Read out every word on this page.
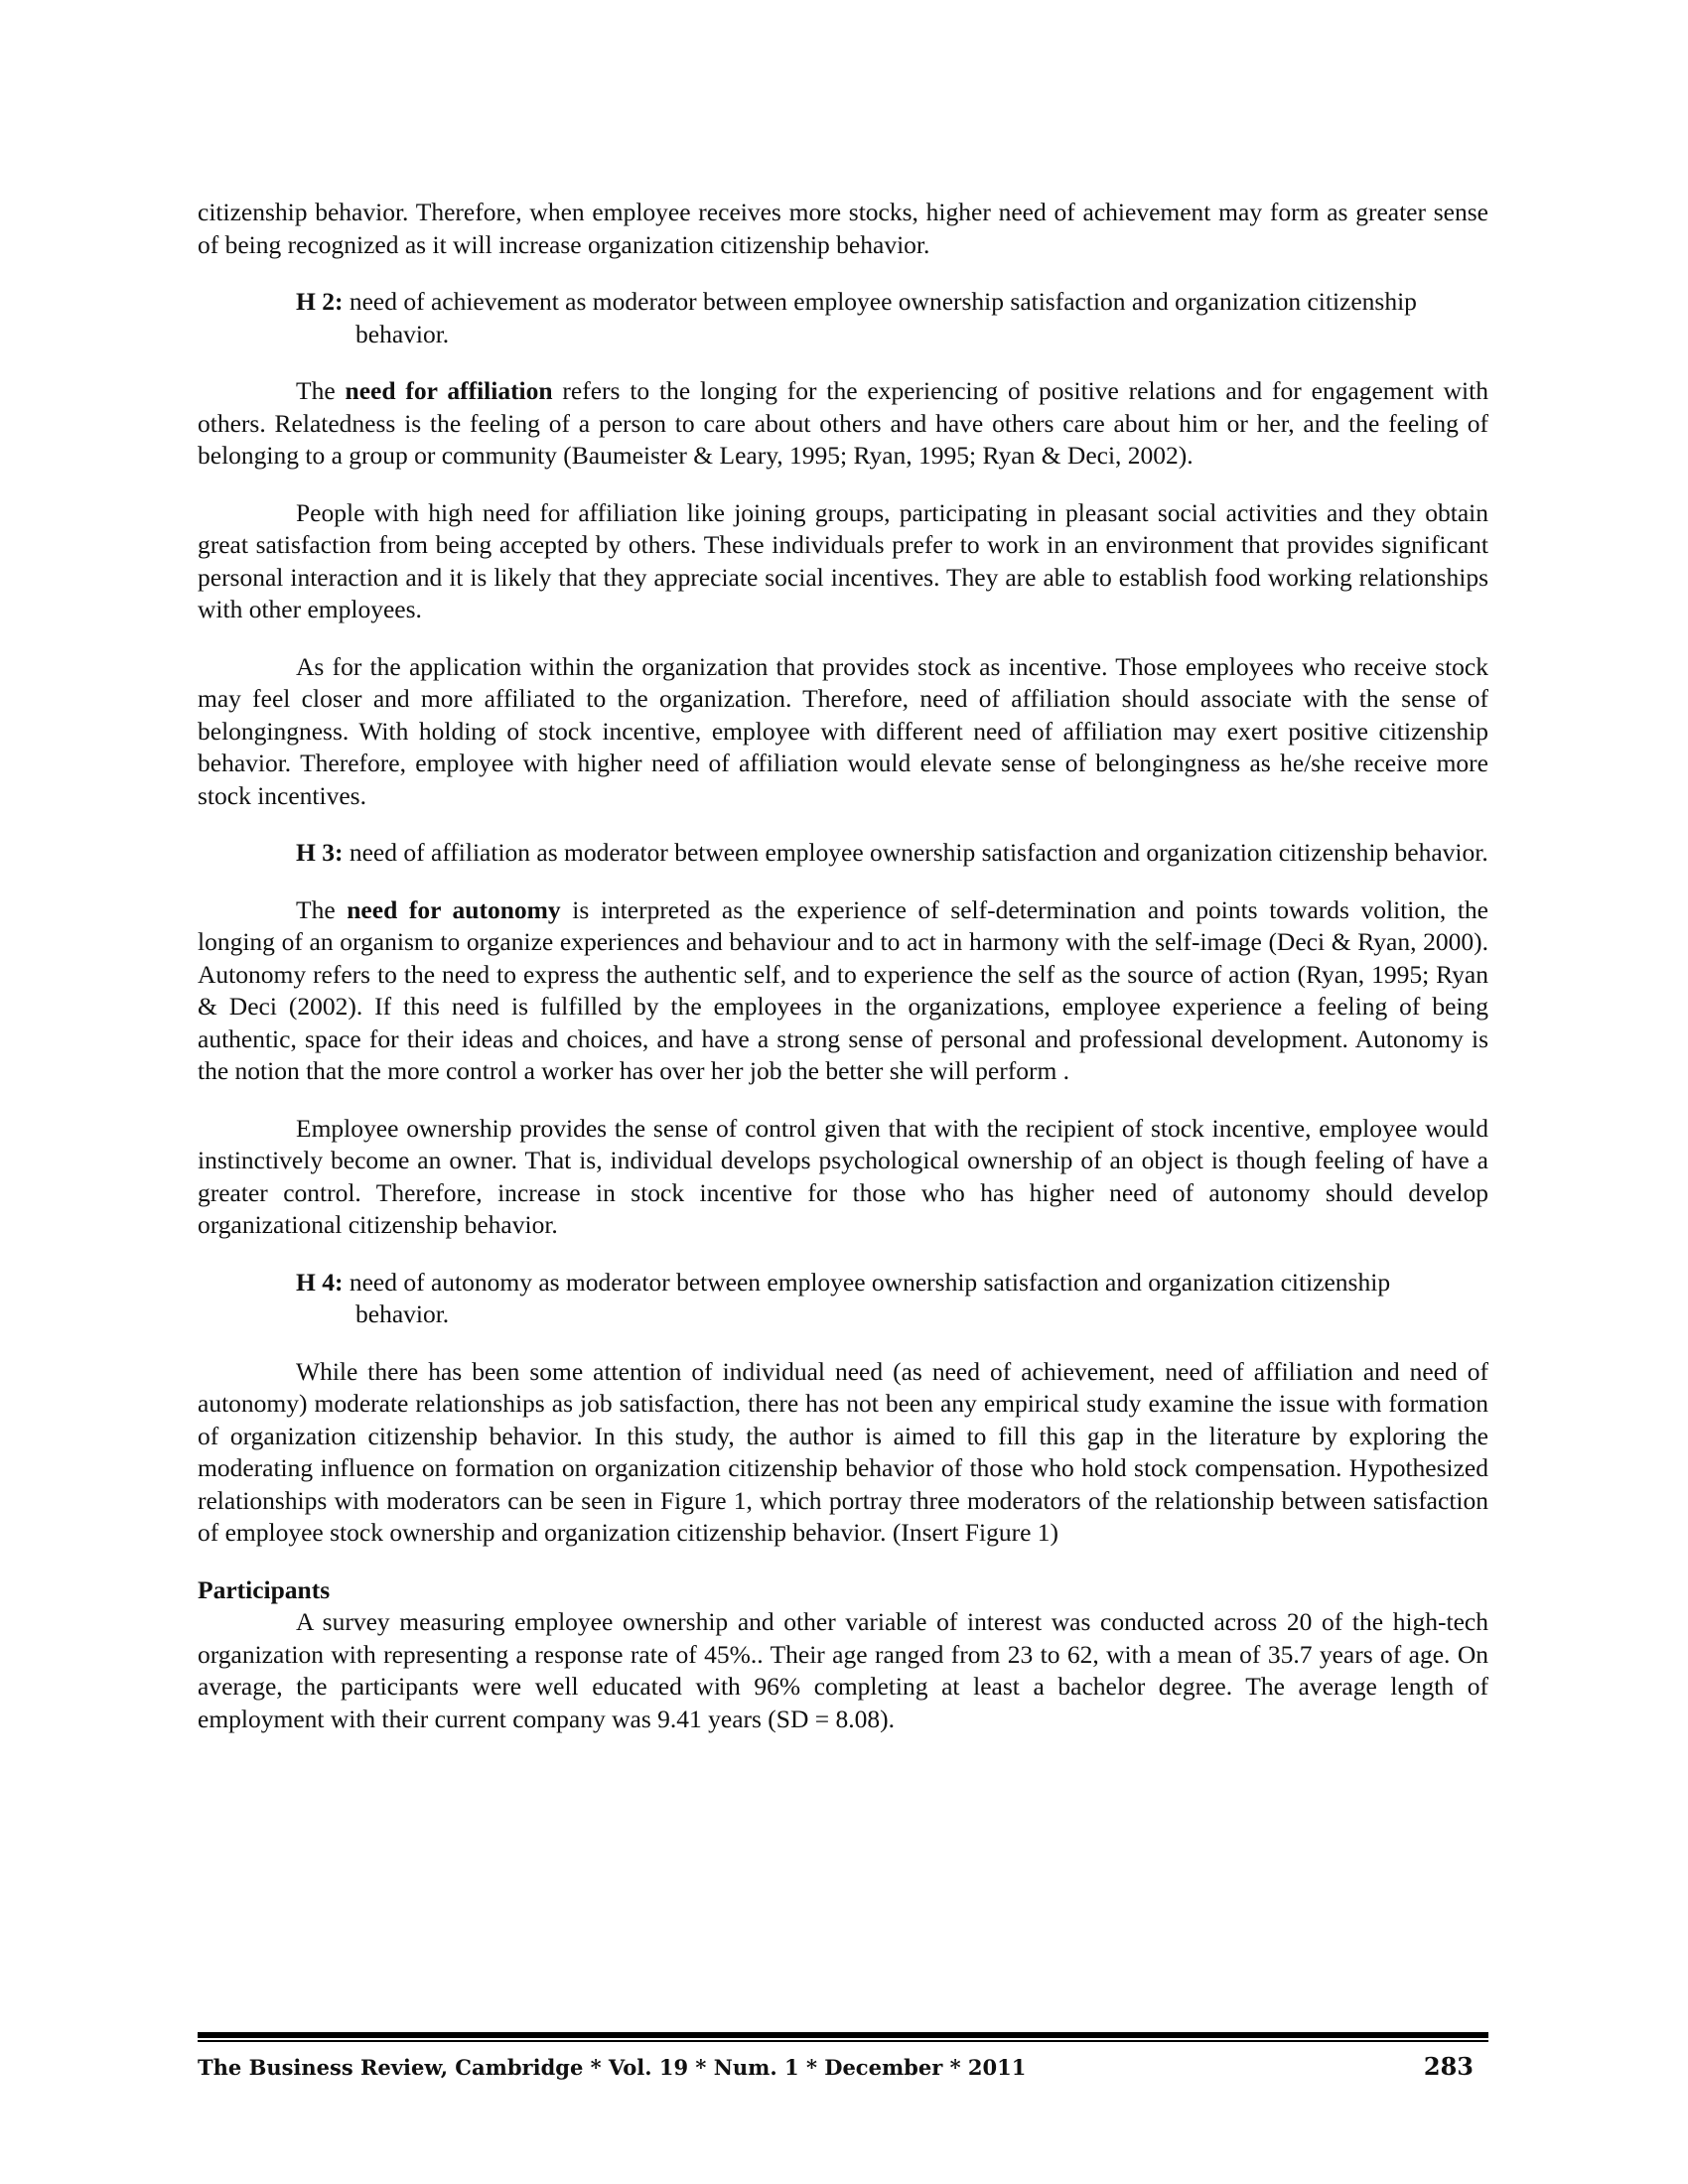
citizenship behavior. Therefore, when employee receives more stocks, higher need of achievement may form as greater sense of being recognized as it will increase organization citizenship behavior.

H 2: need of achievement as moderator between employee ownership satisfaction and organization citizenship behavior.

The need for affiliation refers to the longing for the experiencing of positive relations and for engagement with others. Relatedness is the feeling of a person to care about others and have others care about him or her, and the feeling of belonging to a group or community (Baumeister & Leary, 1995; Ryan, 1995; Ryan & Deci, 2002).

People with high need for affiliation like joining groups, participating in pleasant social activities and they obtain great satisfaction from being accepted by others. These individuals prefer to work in an environment that provides significant personal interaction and it is likely that they appreciate social incentives. They are able to establish food working relationships with other employees.

As for the application within the organization that provides stock as incentive. Those employees who receive stock may feel closer and more affiliated to the organization. Therefore, need of affiliation should associate with the sense of belongingness. With holding of stock incentive, employee with different need of affiliation may exert positive citizenship behavior. Therefore, employee with higher need of affiliation would elevate sense of belongingness as he/she receive more stock incentives.

H 3: need of affiliation as moderator between employee ownership satisfaction and organization citizenship behavior.

The need for autonomy is interpreted as the experience of self-determination and points towards volition, the longing of an organism to organize experiences and behaviour and to act in harmony with the self-image (Deci & Ryan, 2000). Autonomy refers to the need to express the authentic self, and to experience the self as the source of action (Ryan, 1995; Ryan & Deci (2002). If this need is fulfilled by the employees in the organizations, employee experience a feeling of being authentic, space for their ideas and choices, and have a strong sense of personal and professional development. Autonomy is the notion that the more control a worker has over her job the better she will perform .

Employee ownership provides the sense of control given that with the recipient of stock incentive, employee would instinctively become an owner. That is, individual develops psychological ownership of an object is though feeling of have a greater control. Therefore, increase in stock incentive for those who has higher need of autonomy should develop organizational citizenship behavior.

H 4: need of autonomy as moderator between employee ownership satisfaction and organization citizenship behavior.

While there has been some attention of individual need (as need of achievement, need of affiliation and need of autonomy) moderate relationships as job satisfaction, there has not been any empirical study examine the issue with formation of organization citizenship behavior. In this study, the author is aimed to fill this gap in the literature by exploring the moderating influence on formation on organization citizenship behavior of those who hold stock compensation. Hypothesized relationships with moderators can be seen in Figure 1, which portray three moderators of the relationship between satisfaction of employee stock ownership and organization citizenship behavior. (Insert Figure 1)

Participants

A survey measuring employee ownership and other variable of interest was conducted across 20 of the high-tech organization with representing a response rate of 45%.. Their age ranged from 23 to 62, with a mean of 35.7 years of age. On average, the participants were well educated with 96% completing at least a bachelor degree. The average length of employment with their current company was 9.41 years (SD = 8.08).

The Business Review, Cambridge * Vol. 19 * Num. 1 * December * 2011	283
